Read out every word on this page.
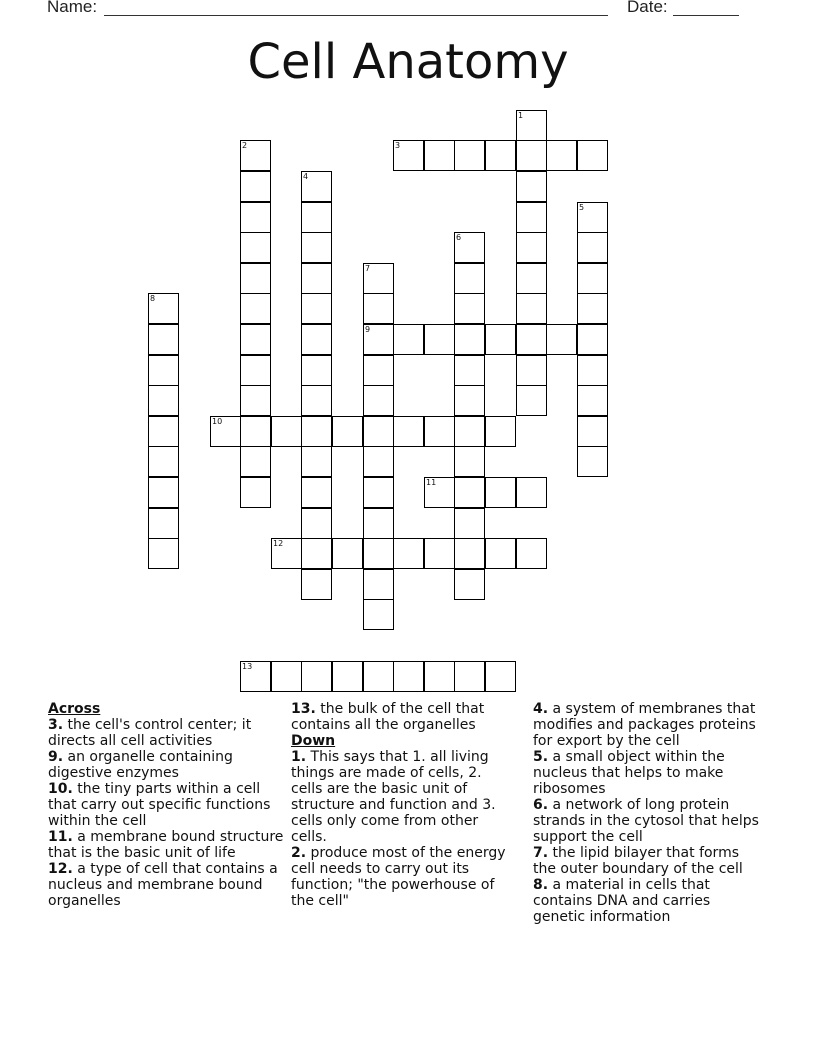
Name:	Date:
Cell Anatomy
1
2	3
4
5
6
7
8
9
10
11
12
13

Across

3. the cell's control center; it directs all cell activities

9. an organelle containing digestive enzymes

10. the tiny parts within a cell that carry out specific functions within the cell

11. a membrane bound structure that is the basic unit of life

12. a type of cell that contains a nucleus and membrane bound organelles

13. the bulk of the cell that contains all the organelles

Down

1. This says that 1. all living things are made of cells, 2. cells are the basic unit of structure and function and 3. cells only come from other cells.

2. produce most of the energy cell needs to carry out its function; "the powerhouse of the cell"

4. a system of membranes that modifies and packages proteins for export by the cell

5. a small object within the nucleus that helps to make ribosomes

6. a network of long protein strands in the cytosol that helps support the cell

7. the lipid bilayer that forms the outer boundary of the cell

8. a material in cells that contains DNA and carries genetic information
